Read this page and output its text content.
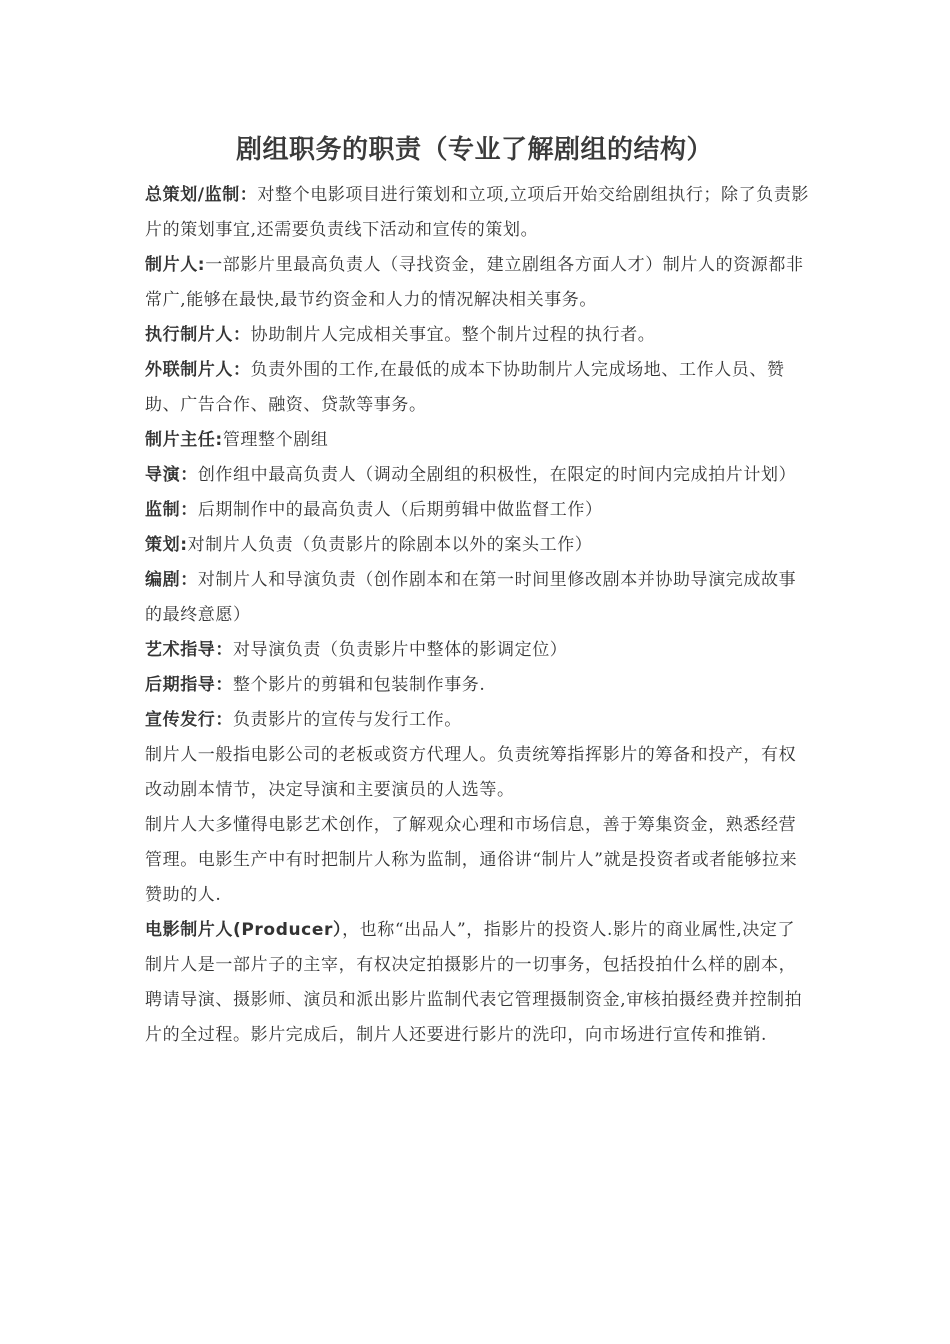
剧组职务的职责（专业了解剧组的结构）

总策划/监制：对整个电影项目进行策划和立项,立项后开始交给剧组执行；除了负责影片的策划事宜,还需要负责线下活动和宣传的策划。

制片人:一部影片里最高负责人（寻找资金，建立剧组各方面人才）制片人的资源都非常广,能够在最快,最节约资金和人力的情况解决相关事务。

执行制片人：协助制片人完成相关事宜。整个制片过程的执行者。

外联制片人：负责外围的工作,在最低的成本下协助制片人完成场地、工作人员、赞助、广告合作、融资、贷款等事务。

制片主任:管理整个剧组

导演：创作组中最高负责人（调动全剧组的积极性，在限定的时间内完成拍片计划）

监制：后期制作中的最高负责人（后期剪辑中做监督工作）

策划:对制片人负责（负责影片的除剧本以外的案头工作）

编剧：对制片人和导演负责（创作剧本和在第一时间里修改剧本并协助导演完成故事的最终意愿）

艺术指导：对导演负责（负责影片中整体的影调定位）

后期指导：整个影片的剪辑和包装制作事务.

宣传发行：负责影片的宣传与发行工作。

制片人一般指电影公司的老板或资方代理人。负责统筹指挥影片的筹备和投产，有权改动剧本情节，决定导演和主要演员的人选等。

制片人大多懂得电影艺术创作，了解观众心理和市场信息，善于筹集资金，熟悉经营管理。电影生产中有时把制片人称为监制，通俗讲“制片人”就是投资者或者能够拉来赞助的人.

电影制片人(Producer），也称“出品人”，指影片的投资人.影片的商业属性,决定了制片人是一部片子的主宰，有权决定拍摄影片的一切事务，包括投拍什么样的剧本，聘请导演、摄影师、演员和派出影片监制代表它管理摄制资金,审核拍摄经费并控制拍片的全过程。影片完成后，制片人还要进行影片的洗印，向市场进行宣传和推销.
